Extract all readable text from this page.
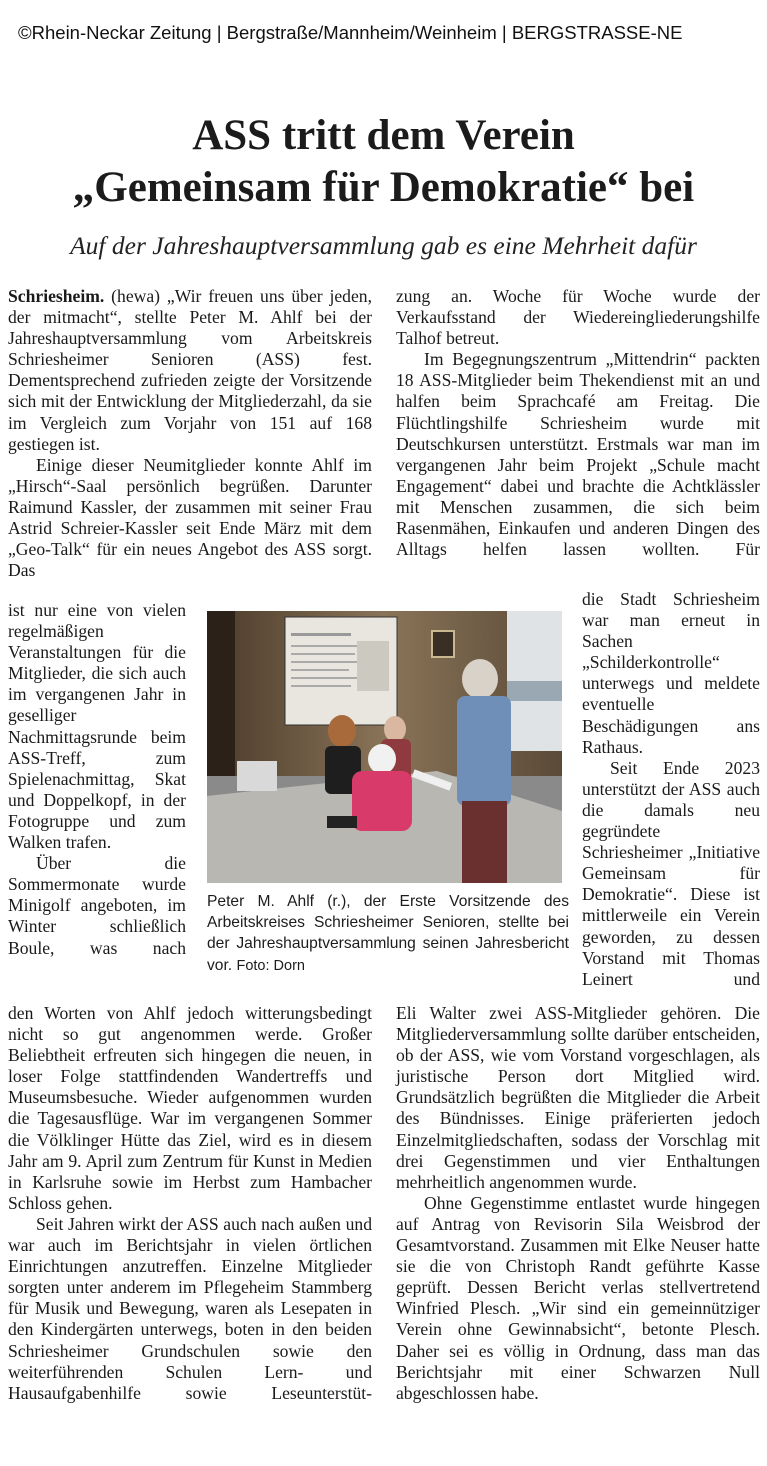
©Rhein-Neckar Zeitung | Bergstraße/Mannheim/Weinheim | BERGSTRASSE-NE
ASS tritt dem Verein
„Gemeinsam für Demokratie“ bei
Auf der Jahreshauptversammlung gab es eine Mehrheit dafür

Schriesheim. (hewa) „Wir freuen uns über jeden, der mitmacht“, stellte Peter M. Ahlf bei der Jahreshauptversammlung vom Arbeitskreis Schriesheimer Senioren (ASS) fest. Dementsprechend zufrieden zeigte der Vorsitzende sich mit der Entwicklung der Mitgliederzahl, da sie im Vergleich zum Vorjahr von 151 auf 168 gestiegen ist.

Einige dieser Neumitglieder konnte Ahlf im „Hirsch“-Saal persönlich begrüßen. Darunter Raimund Kassler, der zusammen mit seiner Frau Astrid Schreier-Kassler seit Ende März mit dem „Geo-Talk“ für ein neues Angebot des ASS sorgt. Das

ist nur eine von vielen regelmäßigen Veranstaltungen für die Mitglieder, die sich auch im vergangenen Jahr in geselliger Nachmittagsrunde beim ASS-Treff, zum Spielenachmittag, Skat und Doppelkopf, in der Fotogruppe und zum Walken trafen.

Über die Sommermonate wurde Minigolf angeboten, im Winter schließlich Boule, was nach

den Worten von Ahlf jedoch witterungsbedingt nicht so gut angenommen werde. Großer Beliebtheit erfreuten sich hingegen die neuen, in loser Folge stattfindenden Wandertreffs und Museumsbesuche. Wieder aufgenommen wurden die Tagesausflüge. War im vergangenen Sommer die Völklinger Hütte das Ziel, wird es in diesem Jahr am 9. April zum Zentrum für Kunst in Medien in Karlsruhe sowie im Herbst zum Hambacher Schloss gehen.

Seit Jahren wirkt der ASS auch nach außen und war auch im Berichtsjahr in vielen örtlichen Einrichtungen anzutreffen. Einzelne Mitglieder sorgten unter anderem im Pflegeheim Stammberg für Musik und Bewegung, waren als Lesepaten in den Kindergärten unterwegs, boten in den beiden Schriesheimer Grundschulen sowie den weiterführenden Schulen Lern- und Hausaufgabenhilfe sowie Leseunterstüt-

zung an. Woche für Woche wurde der Verkaufsstand der Wiedereingliederungshilfe Talhof betreut.

Im Begegnungszentrum „Mittendrin“ packten 18 ASS-Mitglieder beim Thekendienst mit an und halfen beim Sprachcafé am Freitag. Die Flüchtlingshilfe Schriesheim wurde mit Deutschkursen unterstützt. Erstmals war man im vergangenen Jahr beim Projekt „Schule macht Engagement“ dabei und brachte die Achtklässler mit Menschen zusammen, die sich beim Rasenmähen, Einkaufen und anderen Dingen des Alltags helfen lassen wollten. Für

die Stadt Schriesheim war man erneut in Sachen „Schilderkontrolle“ unterwegs und meldete eventuelle Beschädigungen ans Rathaus.

Seit Ende 2023 unterstützt der ASS auch die damals neu gegründete Schriesheimer „Initiative Gemeinsam für Demokratie“. Diese ist mittlerweile ein Verein geworden, zu dessen Vorstand mit Thomas Leinert und

Eli Walter zwei ASS-Mitglieder gehören. Die Mitgliederversammlung sollte darüber entscheiden, ob der ASS, wie vom Vorstand vorgeschlagen, als juristische Person dort Mitglied wird. Grundsätzlich begrüßten die Mitglieder die Arbeit des Bündnisses. Einige präferierten jedoch Einzelmitgliedschaften, sodass der Vorschlag mit drei Gegenstimmen und vier Enthaltungen mehrheitlich angenommen wurde.

Ohne Gegenstimme entlastet wurde hingegen auf Antrag von Revisorin Sila Weisbrod der Gesamtvorstand. Zusammen mit Elke Neuser hatte sie die von Christoph Randt geführte Kasse geprüft. Dessen Bericht verlas stellvertretend Winfried Plesch. „Wir sind ein gemeinnütziger Verein ohne Gewinnabsicht“, betonte Plesch. Daher sei es völlig in Ordnung, dass man das Berichtsjahr mit einer Schwarzen Null abgeschlossen habe.

Peter M. Ahlf (r.), der Erste Vorsitzende des Arbeitskreises Schriesheimer Senioren, stellte bei der Jahreshauptversammlung seinen Jahresbericht vor. Foto: Dorn
